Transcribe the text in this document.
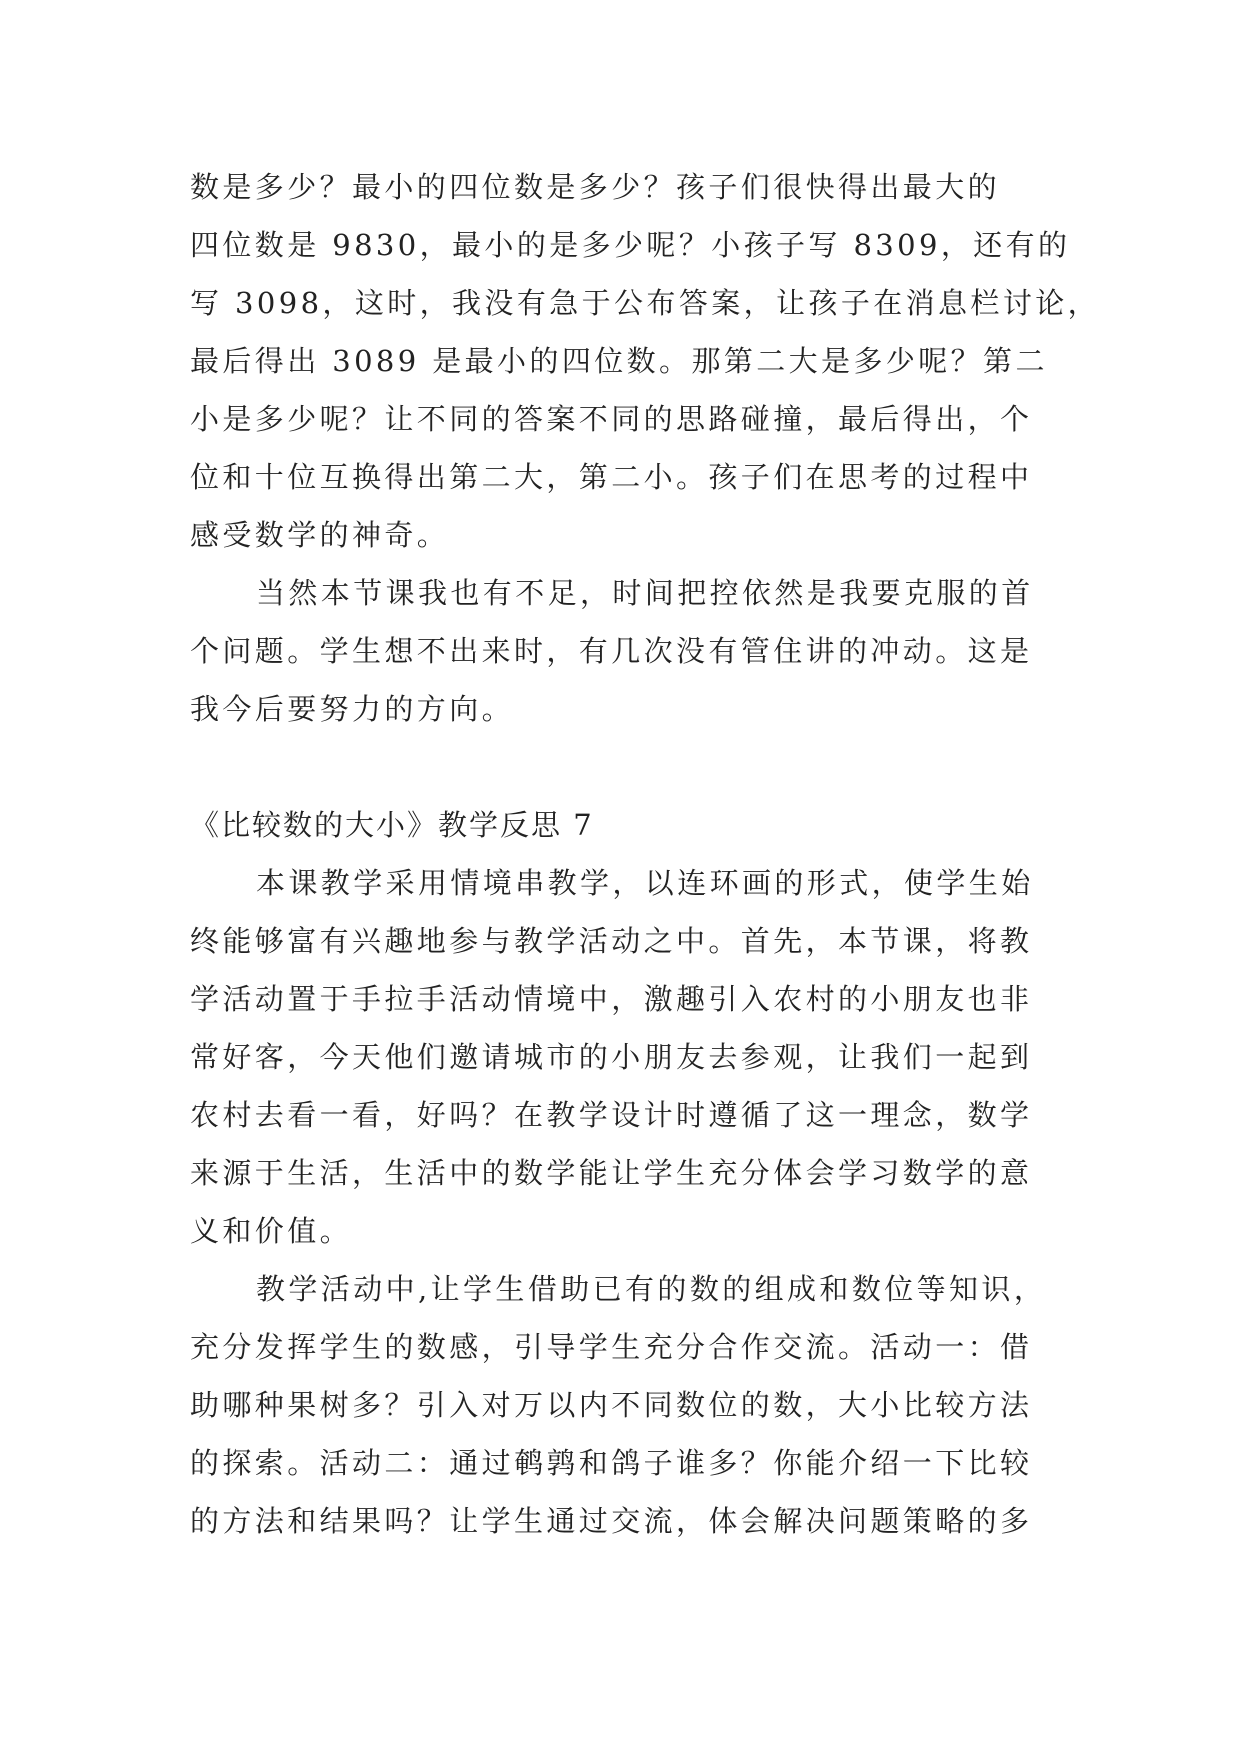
数是多少？最小的四位数是多少？孩子们很快得出最大的

四位数是 9830，最小的是多少呢？小孩子写 8309，还有的

写 3098，这时，我没有急于公布答案，让孩子在消息栏讨论，

最后得出 3089 是最小的四位数。那第二大是多少呢？第二

小是多少呢？让不同的答案不同的思路碰撞，最后得出，个

位和十位互换得出第二大，第二小。孩子们在思考的过程中

感受数学的神奇。

当然本节课我也有不足，时间把控依然是我要克服的首

个问题。学生想不出来时，有几次没有管住讲的冲动。这是

我今后要努力的方向。

《比较数的大小》教学反思 7

本课教学采用情境串教学，以连环画的形式，使学生始

终能够富有兴趣地参与教学活动之中。首先，本节课，将教

学活动置于手拉手活动情境中，激趣引入农村的小朋友也非

常好客，今天他们邀请城市的小朋友去参观，让我们一起到

农村去看一看，好吗？在教学设计时遵循了这一理念，数学

来源于生活，生活中的数学能让学生充分体会学习数学的意

义和价值。

教学活动中,让学生借助已有的数的组成和数位等知识，

充分发挥学生的数感，引导学生充分合作交流。活动一：借

助哪种果树多？引入对万以内不同数位的数，大小比较方法

的探索。活动二：通过鹌鹑和鸽子谁多？你能介绍一下比较

的方法和结果吗？让学生通过交流，体会解决问题策略的多
